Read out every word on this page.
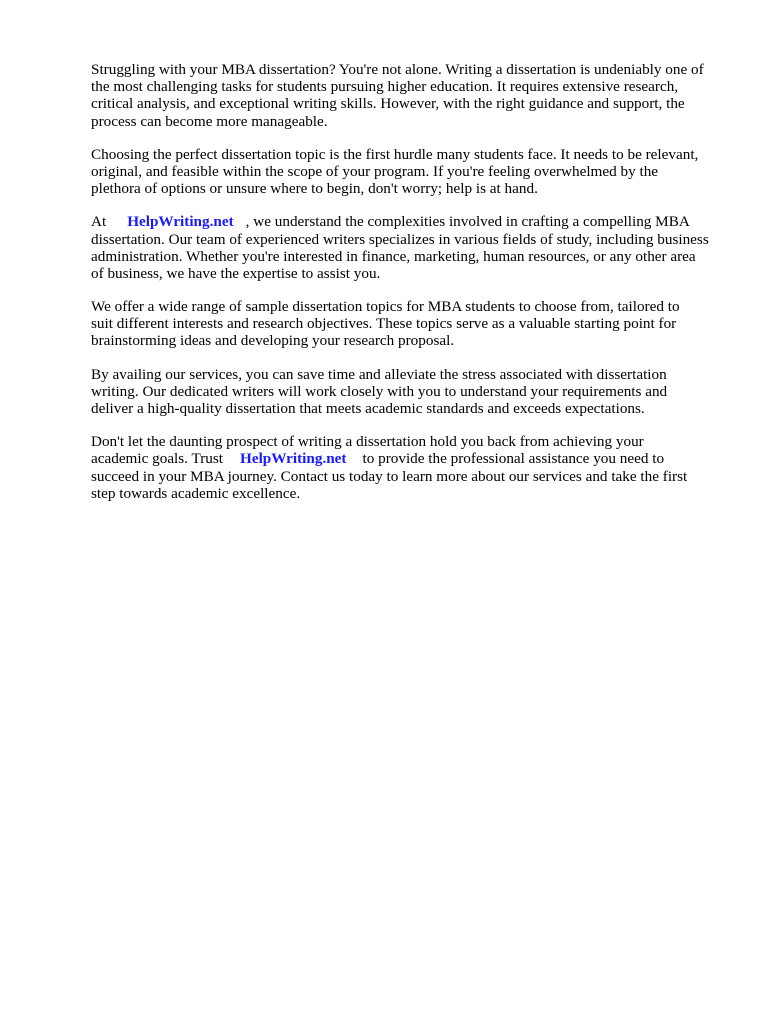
Struggling with your MBA dissertation? You're not alone. Writing a dissertation is undeniably one of
the most challenging tasks for students pursuing higher education. It requires extensive research,
critical analysis, and exceptional writing skills. However, with the right guidance and support, the
process can become more manageable.

Choosing the perfect dissertation topic is the first hurdle many students face. It needs to be relevant,
original, and feasible within the scope of your program. If you're feeling overwhelmed by the
plethora of options or unsure where to begin, don't worry; help is at hand.

At HelpWriting.net , we understand the complexities involved in crafting a compelling MBA
dissertation. Our team of experienced writers specializes in various fields of study, including business
administration. Whether you're interested in finance, marketing, human resources, or any other area
of business, we have the expertise to assist you.

We offer a wide range of sample dissertation topics for MBA students to choose from, tailored to
suit different interests and research objectives. These topics serve as a valuable starting point for
brainstorming ideas and developing your research proposal.

By availing our services, you can save time and alleviate the stress associated with dissertation
writing. Our dedicated writers will work closely with you to understand your requirements and
deliver a high-quality dissertation that meets academic standards and exceeds expectations.

Don't let the daunting prospect of writing a dissertation hold you back from achieving your
academic goals. Trust HelpWriting.net to provide the professional assistance you need to
succeed in your MBA journey. Contact us today to learn more about our services and take the first
step towards academic excellence.
